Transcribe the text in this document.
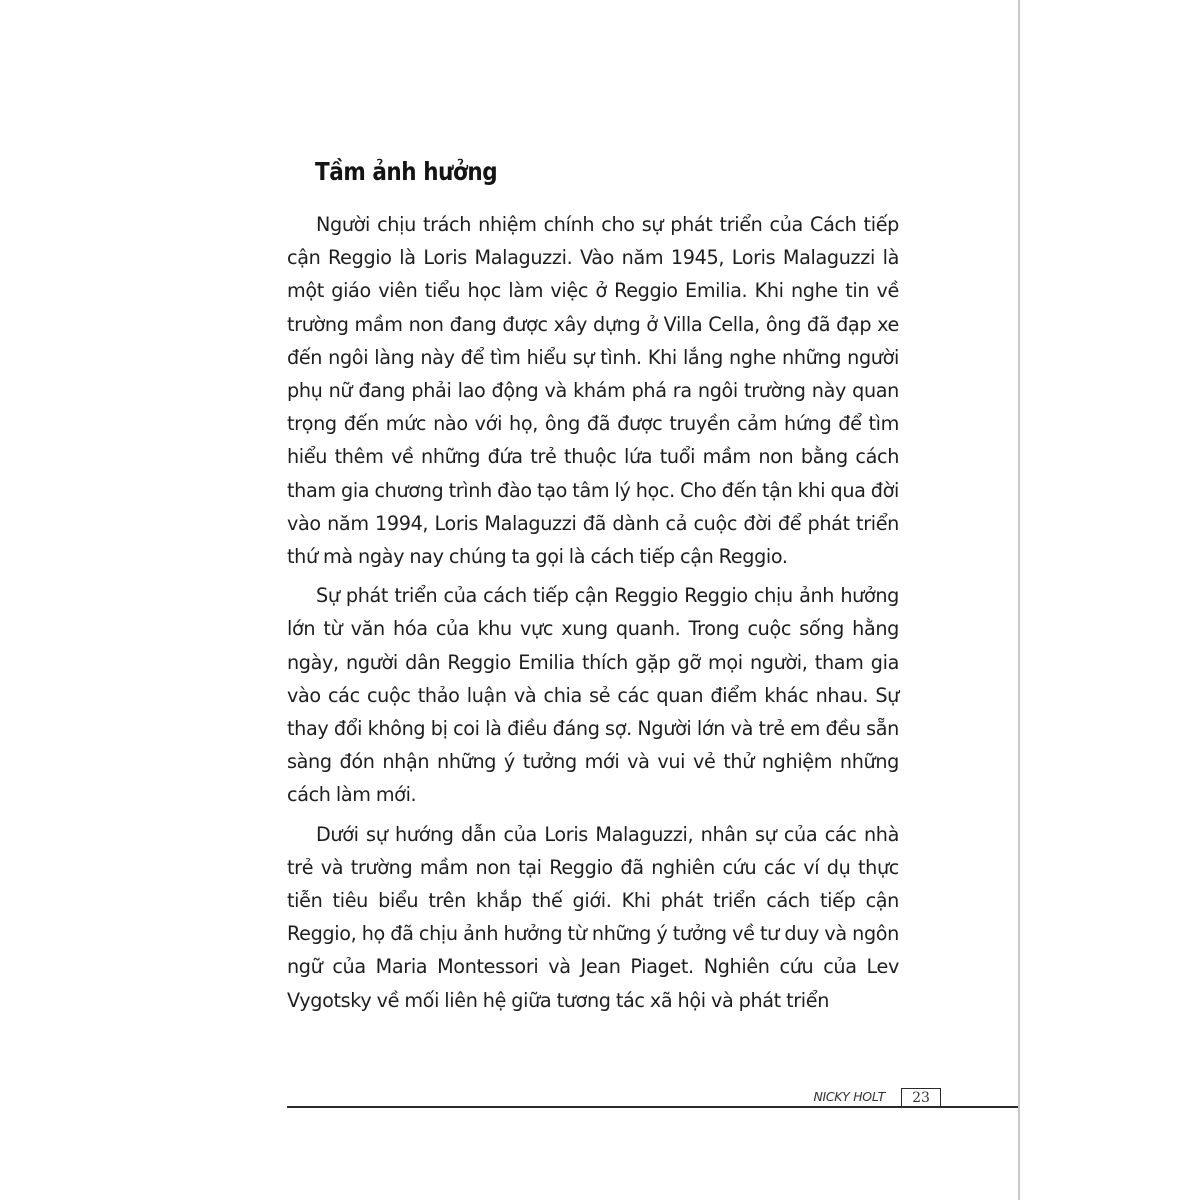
Tầm ảnh hưởng

Người chịu trách nhiệm chính cho sự phát triển của Cách tiếp cận Reggio là Loris Malaguzzi. Vào năm 1945, Loris Malaguzzi là một giáo viên tiểu học làm việc ở Reggio Emilia. Khi nghe tin về trường mầm non đang được xây dựng ở Villa Cella, ông đã đạp xe đến ngôi làng này để tìm hiểu sự tình. Khi lắng nghe những người phụ nữ đang phải lao động và khám phá ra ngôi trường này quan trọng đến mức nào với họ, ông đã được truyền cảm hứng để tìm hiểu thêm về những đứa trẻ thuộc lứa tuổi mầm non bằng cách tham gia chương trình đào tạo tâm lý học. Cho đến tận khi qua đời vào năm 1994, Loris Malaguzzi đã dành cả cuộc đời để phát triển thứ mà ngày nay chúng ta gọi là cách tiếp cận Reggio.

Sự phát triển của cách tiếp cận Reggio Reggio chịu ảnh hưởng lớn từ văn hóa của khu vực xung quanh. Trong cuộc sống hằng ngày, người dân Reggio Emilia thích gặp gỡ mọi người, tham gia vào các cuộc thảo luận và chia sẻ các quan điểm khác nhau. Sự thay đổi không bị coi là điều đáng sợ. Người lớn và trẻ em đều sẵn sàng đón nhận những ý tưởng mới và vui vẻ thử nghiệm những cách làm mới.

Dưới sự hướng dẫn của Loris Malaguzzi, nhân sự của các nhà trẻ và trường mầm non tại Reggio đã nghiên cứu các ví dụ thực tiễn tiêu biểu trên khắp thế giới. Khi phát triển cách tiếp cận Reggio, họ đã chịu ảnh hưởng từ những ý tưởng về tư duy và ngôn ngữ của Maria Montessori và Jean Piaget. Nghiên cứu của Lev Vygotsky về mối liên hệ giữa tương tác xã hội và phát triển

NICKY HOLT	23
